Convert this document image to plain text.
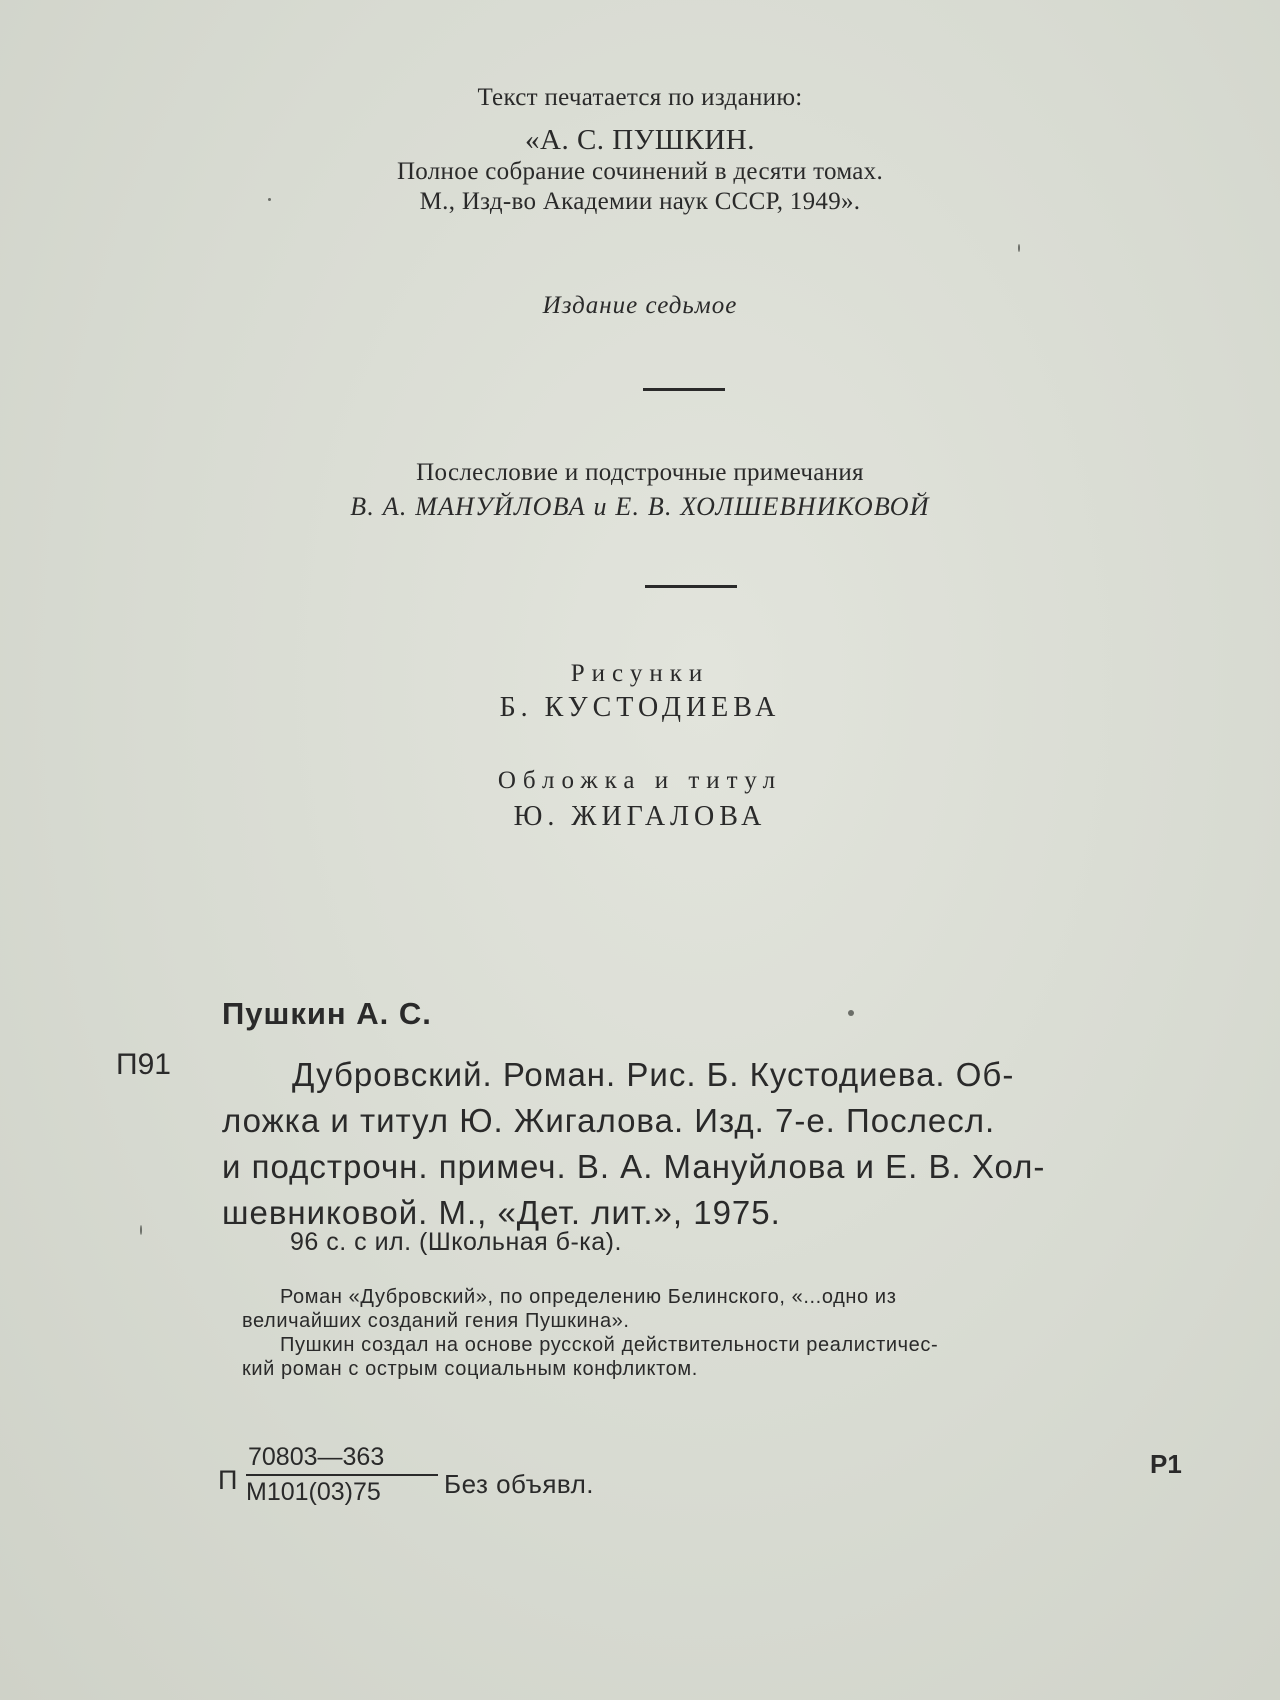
Текст печатается по изданию:
«А. С. ПУШКИН.
Полное собрание сочинений в десяти томах.
М., Изд-во Академии наук СССР, 1949».
Издание седьмое
Послесловие и подстрочные примечания
В. А. МАНУЙЛОВА и Е. В. ХОЛШЕВНИКОВОЙ
Рисунки
Б. КУСТОДИЕВА
Обложка и титул
Ю. ЖИГАЛОВА
Пушкин А. С.
П91	Дубровский. Роман. Рис. Б. Кустодиева. Об-
ложка и титул Ю. Жигалова. Изд. 7-е. Послесл.
и подстрочн. примеч. В. А. Мануйлова и Е. В. Хол-
шевниковой. М., «Дет. лит.», 1975.
96 с. с ил. (Школьная б-ка).
Роман «Дубровский», по определению Белинского, «...одно из
величайших созданий гения Пушкина».
Пушкин создал на основе русской действительности реалистичес-
кий роман с острым социальным конфликтом.
П
70803—363
М101(03)75	Без объявл.
Р1
